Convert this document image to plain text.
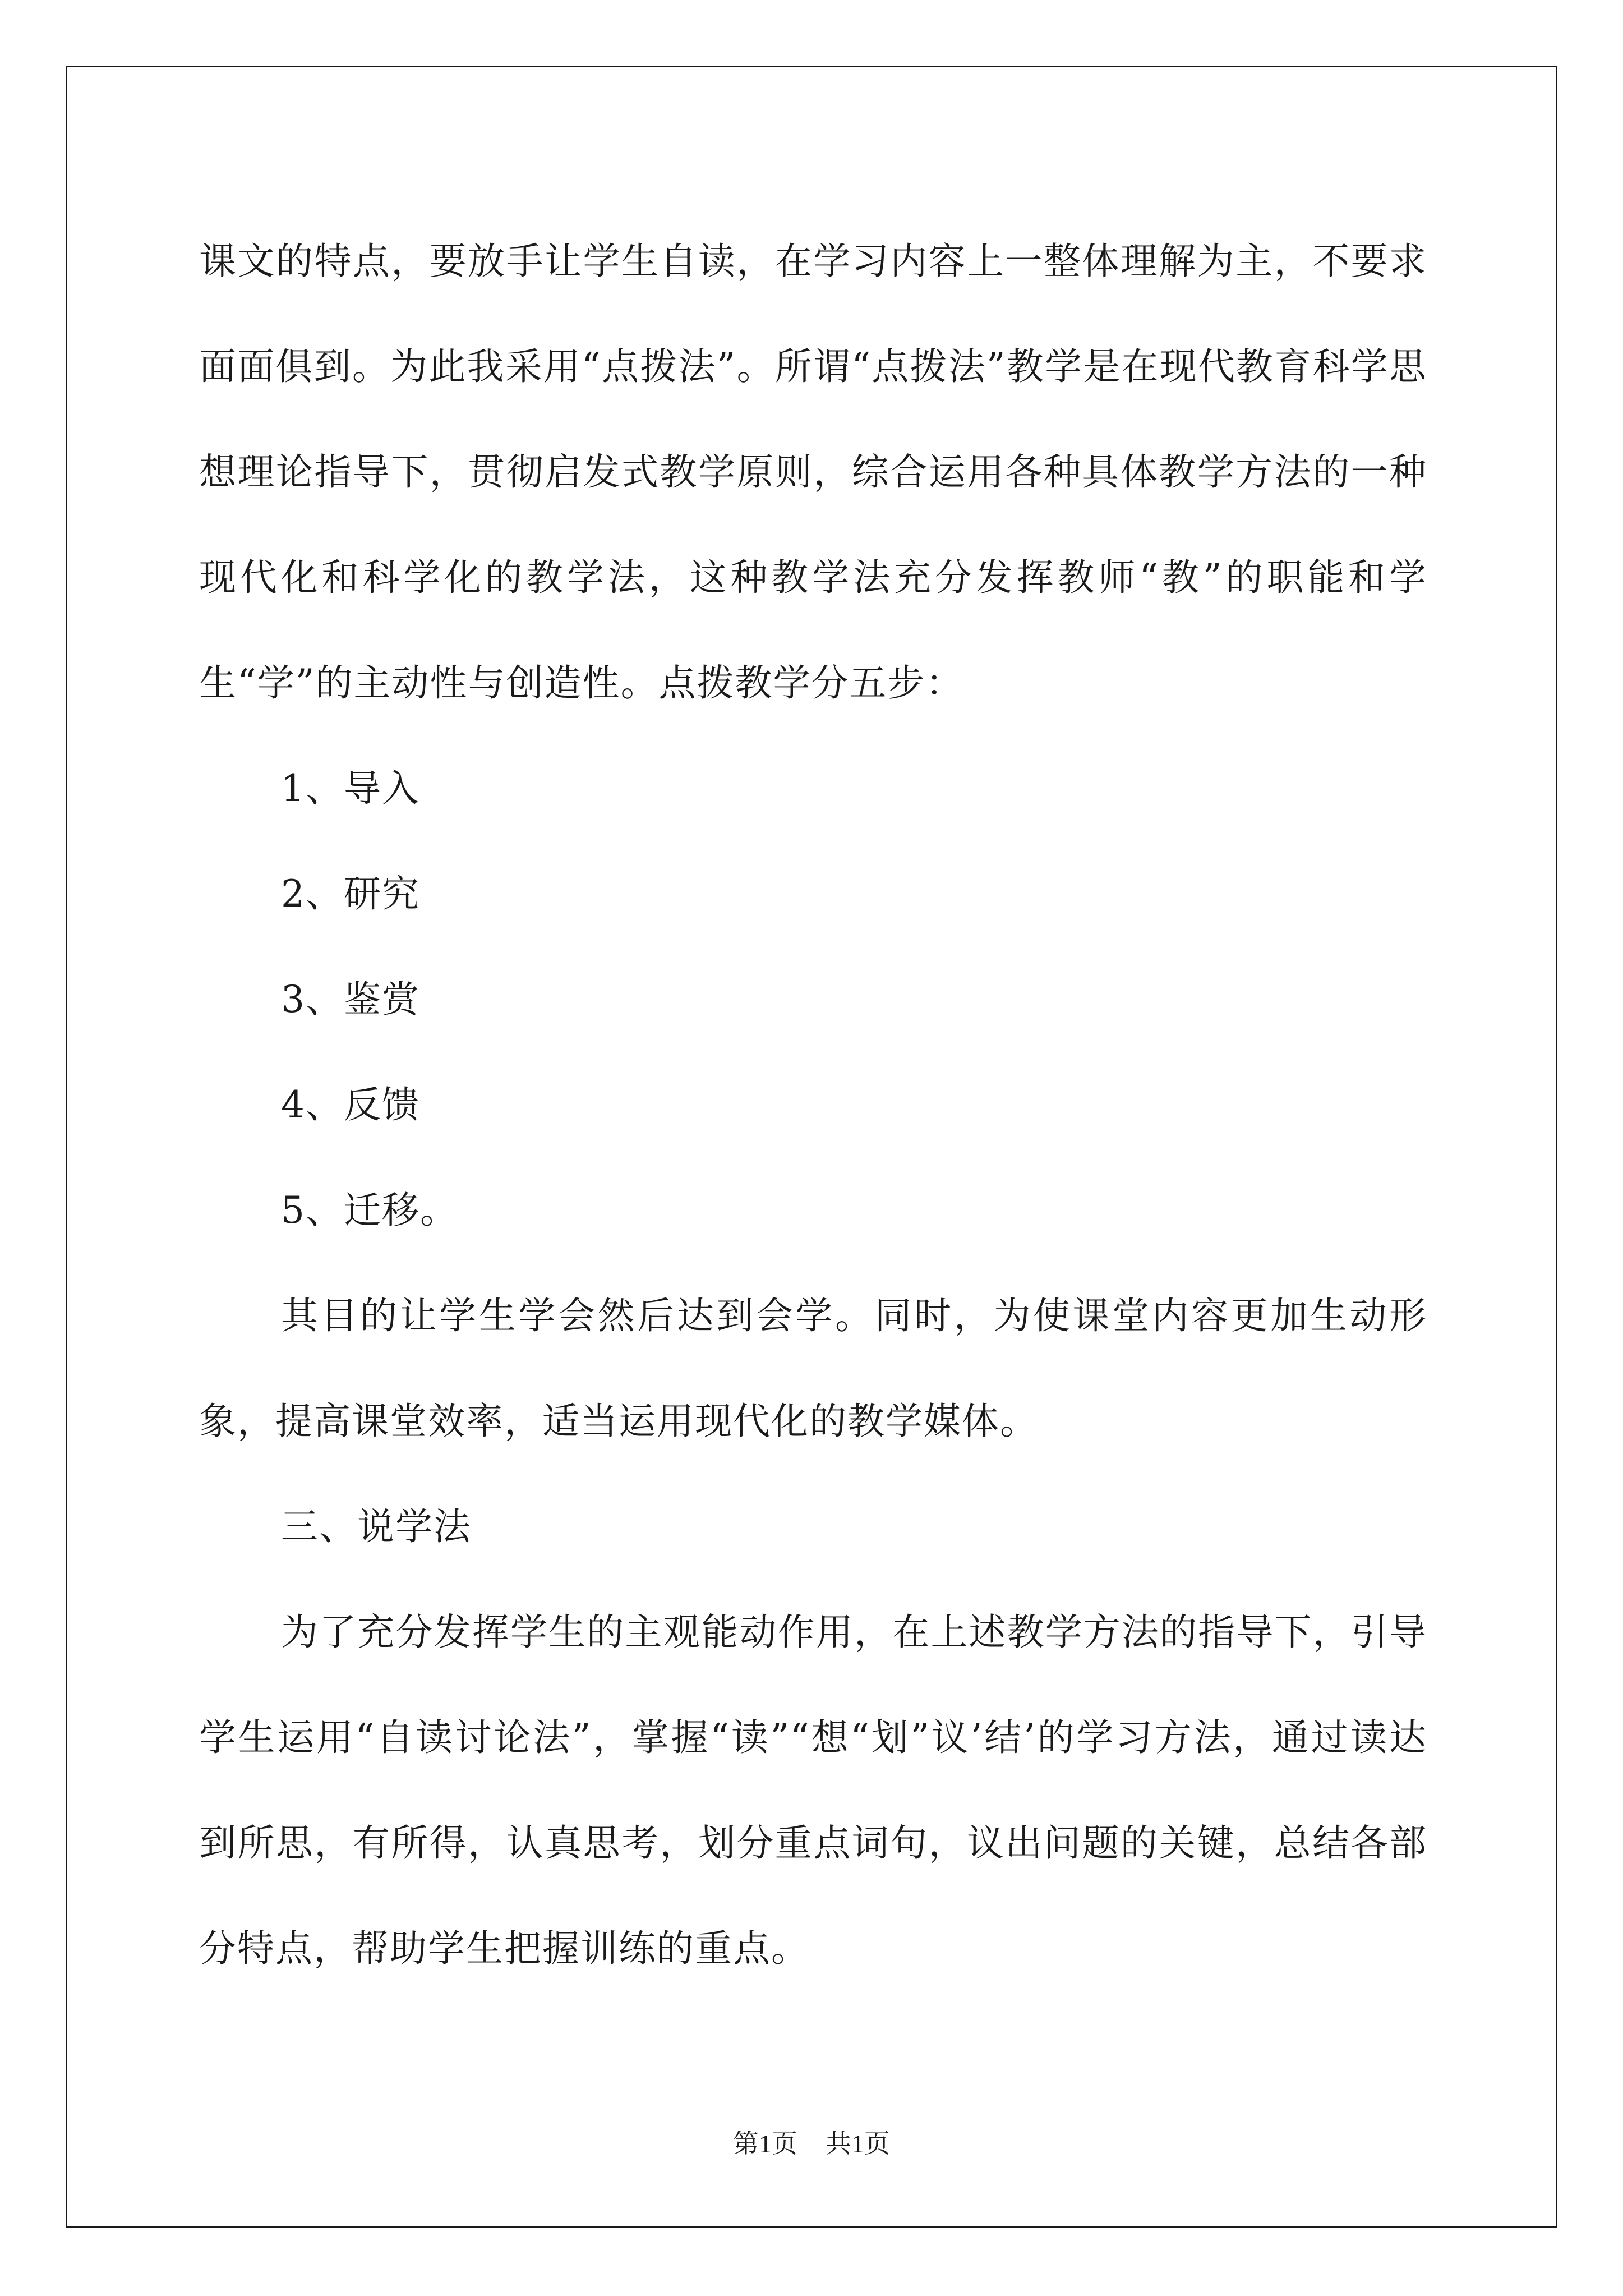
课文的特点，要放手让学生自读，在学习内容上一整体理解为主，不要求面面俱到。为此我采用“点拨法”。所谓“点拨法”教学是在现代教育科学思想理论指导下，贯彻启发式教学原则，综合运用各种具体教学方法的一种现代化和科学化的教学法，这种教学法充分发挥教师“教”的职能和学生“学”的主动性与创造性。点拨教学分五步：

1、导入

2、研究

3、鉴赏

4、反馈

5、迁移。

其目的让学生学会然后达到会学。同时，为使课堂内容更加生动形象，提高课堂效率，适当运用现代化的教学媒体。

三、说学法

为了充分发挥学生的主观能动作用，在上述教学方法的指导下，引导学生运用“自读讨论法”，掌握“读”“想“划”议’结’的学习方法，通过读达到所思，有所得，认真思考，划分重点词句，议出问题的关键，总结各部分特点，帮助学生把握训练的重点。

第1页 共1页
